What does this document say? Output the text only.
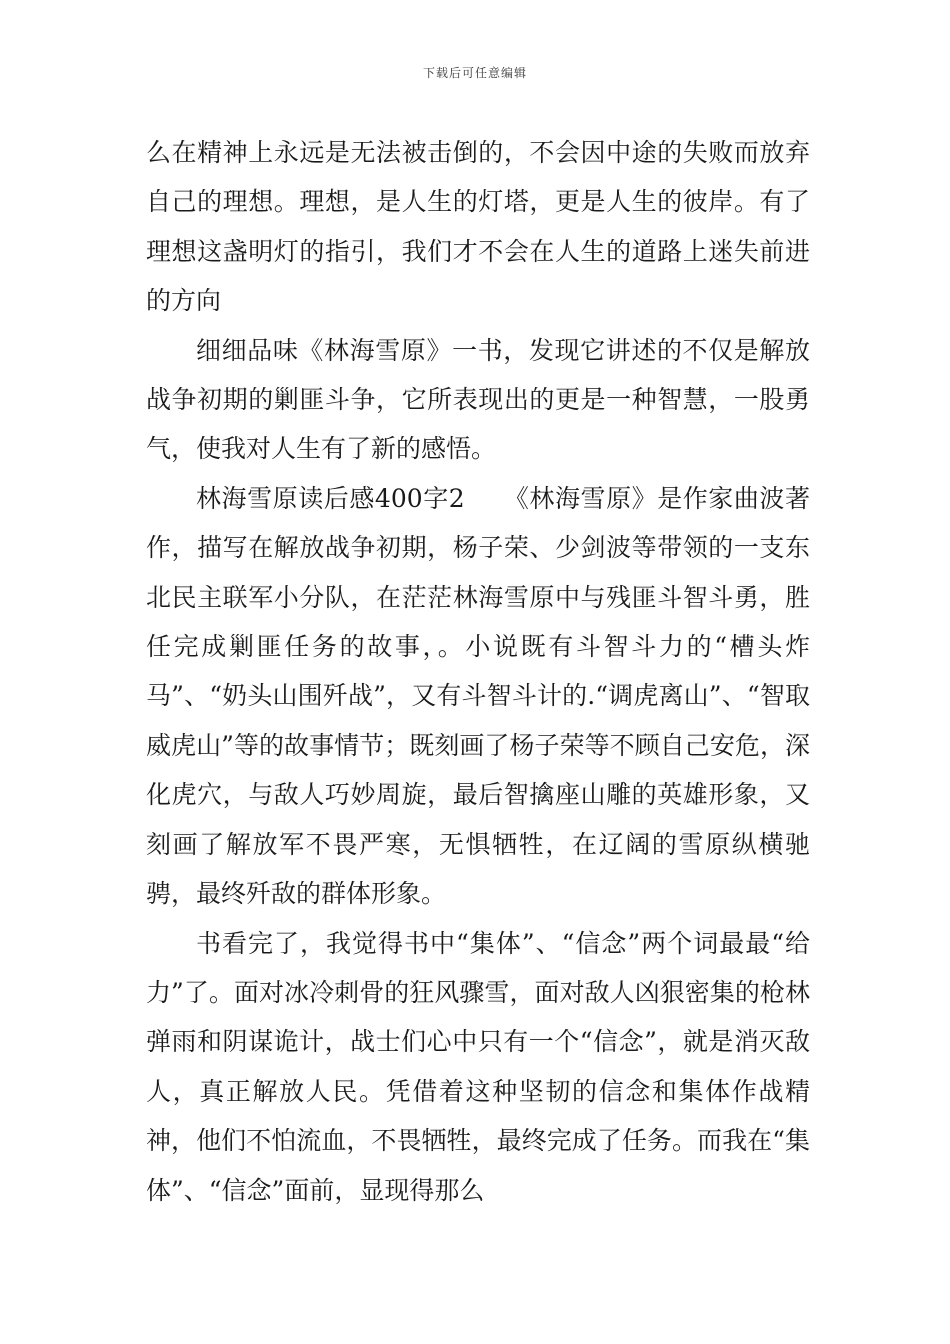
下载后可任意编辑

么在精神上永远是无法被击倒的，不会因中途的失败而放弃自己的理想。理想，是人生的灯塔，更是人生的彼岸。有了理想这盏明灯的指引，我们才不会在人生的道路上迷失前进的方向

细细品味《林海雪原》一书，发现它讲述的不仅是解放战争初期的剿匪斗争，它所表现出的更是一种智慧，一股勇气，使我对人生有了新的感悟。

林海雪原读后感400字2　　《林海雪原》是作家曲波著作，描写在解放战争初期，杨子荣、少剑波等带领的一支东北民主联军小分队，在茫茫林海雪原中与残匪斗智斗勇，胜任完成剿匪任务的故事，。小说既有斗智斗力的“槽头炸马”、“奶头山围歼战”，又有斗智斗计的.“调虎离山”、“智取威虎山”等的故事情节；既刻画了杨子荣等不顾自己安危，深化虎穴，与敌人巧妙周旋，最后智擒座山雕的英雄形象，又刻画了解放军不畏严寒，无惧牺牲，在辽阔的雪原纵横驰骋，最终歼敌的群体形象。

书看完了，我觉得书中“集体”、“信念”两个词最最“给力”了。面对冰冷刺骨的狂风骤雪，面对敌人凶狠密集的枪林弹雨和阴谋诡计，战士们心中只有一个“信念”，就是消灭敌人，真正解放人民。凭借着这种坚韧的信念和集体作战精神，他们不怕流血，不畏牺牲，最终完成了任务。而我在“集体”、“信念”面前，显现得那么
